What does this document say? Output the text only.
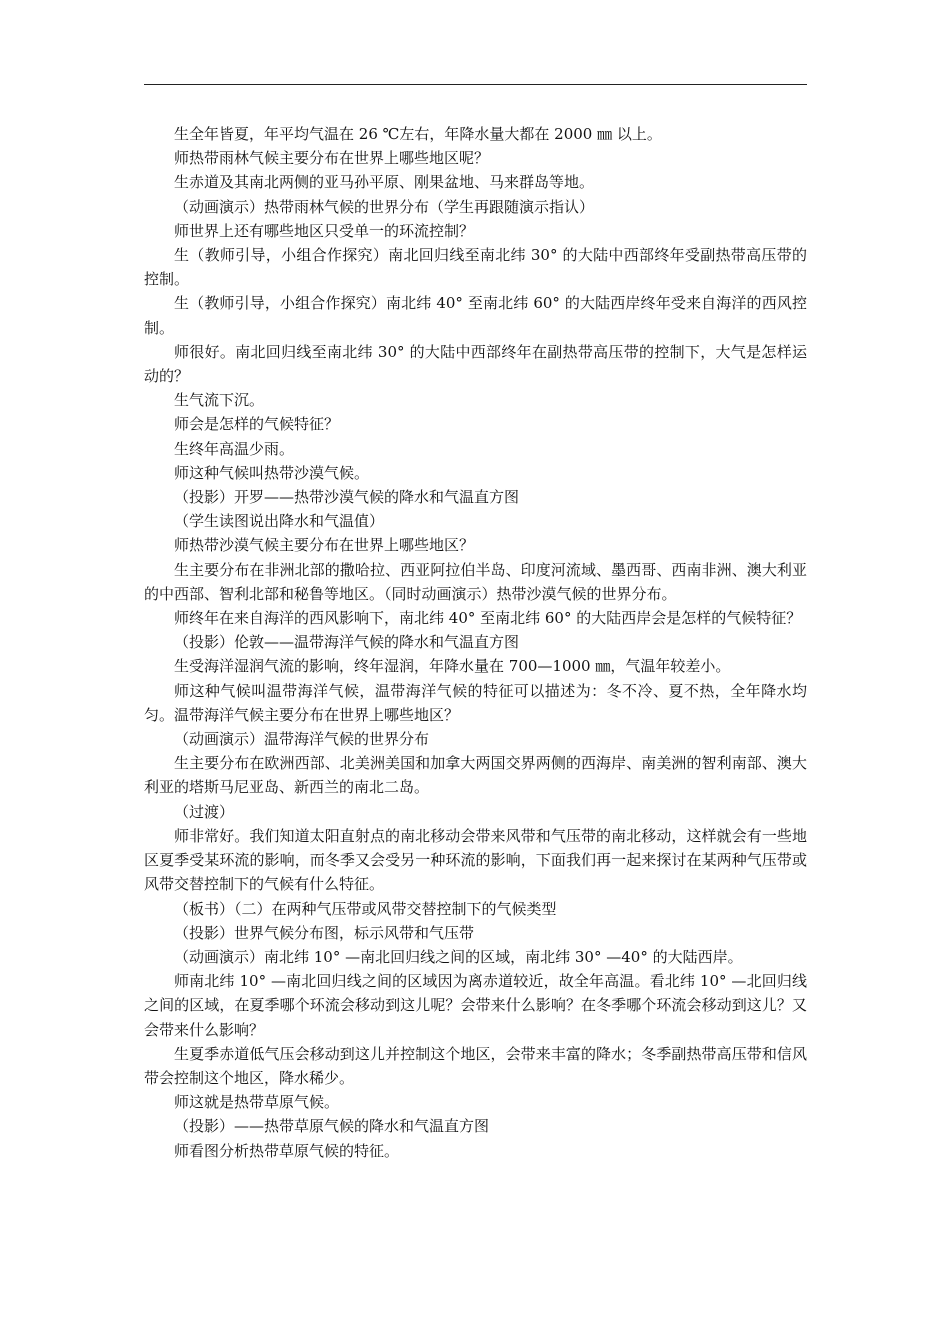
生全年皆夏，年平均气温在 26 ℃左右，年降水量大都在 2000 ㎜ 以上。

师热带雨林气候主要分布在世界上哪些地区呢？

生赤道及其南北两侧的亚马孙平原、刚果盆地、马来群岛等地。

（动画演示）热带雨林气候的世界分布（学生再跟随演示指认）

师世界上还有哪些地区只受单一的环流控制？

生（教师引导，小组合作探究）南北回归线至南北纬 30° 的大陆中西部终年受副热带高压带的控制。

生（教师引导，小组合作探究）南北纬 40° 至南北纬 60° 的大陆西岸终年受来自海洋的西风控制。

师很好。南北回归线至南北纬 30° 的大陆中西部终年在副热带高压带的控制下，大气是怎样运动的？

生气流下沉。

师会是怎样的气候特征？

生终年高温少雨。

师这种气候叫热带沙漠气候。

（投影）开罗——热带沙漠气候的降水和气温直方图

（学生读图说出降水和气温值）

师热带沙漠气候主要分布在世界上哪些地区？

生主要分布在非洲北部的撒哈拉、西亚阿拉伯半岛、印度河流域、墨西哥、西南非洲、澳大利亚的中西部、智利北部和秘鲁等地区。（同时动画演示）热带沙漠气候的世界分布。

师终年在来自海洋的西风影响下，南北纬 40° 至南北纬 60° 的大陆西岸会是怎样的气候特征？

（投影）伦敦——温带海洋气候的降水和气温直方图

生受海洋湿润气流的影响，终年湿润，年降水量在 700—1000 ㎜，气温年较差小。

师这种气候叫温带海洋气候，温带海洋气候的特征可以描述为：冬不冷、夏不热，全年降水均匀。温带海洋气候主要分布在世界上哪些地区？

（动画演示）温带海洋气候的世界分布

生主要分布在欧洲西部、北美洲美国和加拿大两国交界两侧的西海岸、南美洲的智利南部、澳大利亚的塔斯马尼亚岛、新西兰的南北二岛。

（过渡）

师非常好。我们知道太阳直射点的南北移动会带来风带和气压带的南北移动，这样就会有一些地区夏季受某环流的影响，而冬季又会受另一种环流的影响，下面我们再一起来探讨在某两种气压带或风带交替控制下的气候有什么特征。

（板书）（二）在两种气压带或风带交替控制下的气候类型

（投影）世界气候分布图，标示风带和气压带

（动画演示）南北纬 10° —南北回归线之间的区域，南北纬 30° —40° 的大陆西岸。

师南北纬 10° —南北回归线之间的区域因为离赤道较近，故全年高温。看北纬 10° —北回归线之间的区域，在夏季哪个环流会移动到这儿呢？会带来什么影响？在冬季哪个环流会移动到这儿？又会带来什么影响？

生夏季赤道低气压会移动到这儿并控制这个地区，会带来丰富的降水；冬季副热带高压带和信风带会控制这个地区，降水稀少。

师这就是热带草原气候。

（投影）——热带草原气候的降水和气温直方图

师看图分析热带草原气候的特征。
